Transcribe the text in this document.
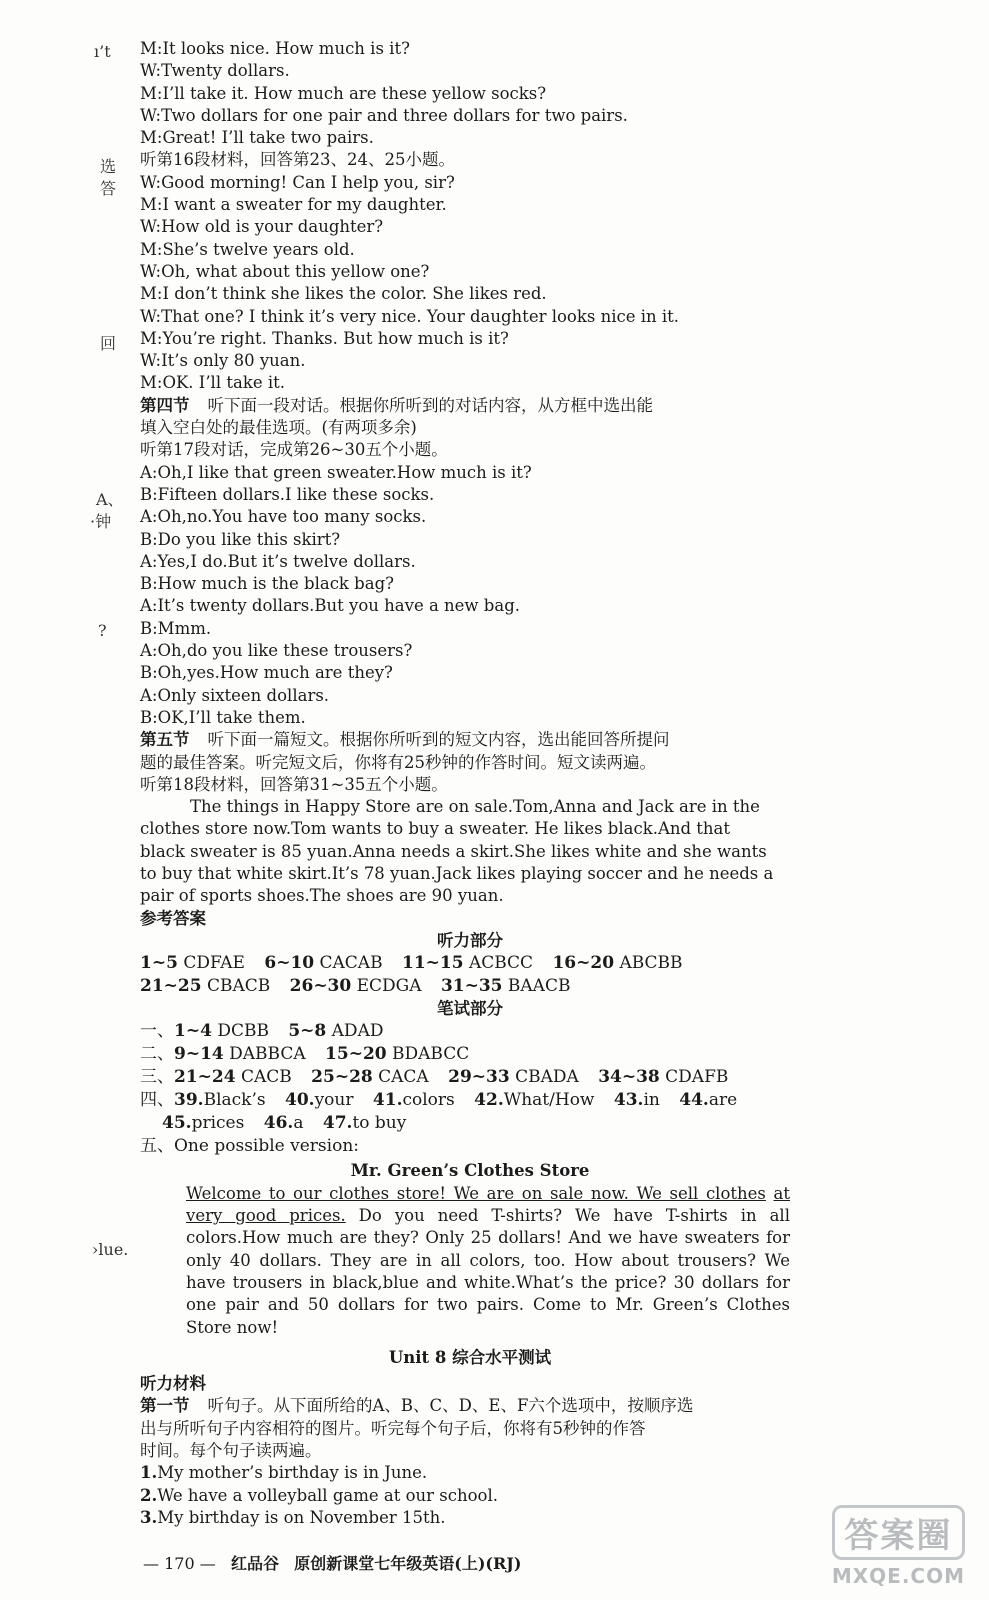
ı’t
选
答
回
A、
·钟
?
›lue.
M:It looks nice. How much is it?
W:Twenty dollars.
M:I’ll take it. How much are these yellow socks?
W:Two dollars for one pair and three dollars for two pairs.
M:Great! I’ll take two pairs.
听第16段材料，回答第23、24、25小题。
W:Good morning! Can I help you, sir?
M:I want a sweater for my daughter.
W:How old is your daughter?
M:She’s twelve years old.
W:Oh, what about this yellow one?
M:I don’t think she likes the color. She likes red.
W:That one? I think it’s very nice. Your daughter looks nice in it.
M:You’re right. Thanks. But how much is it?
W:It’s only 80 yuan.
M:OK. I’ll take it.
第四节 听下面一段对话。根据你所听到的对话内容，从方框中选出能
填入空白处的最佳选项。(有两项多余)
听第17段对话，完成第26~30五个小题。
A:Oh,I like that green sweater.How much is it?
B:Fifteen dollars.I like these socks.
A:Oh,no.You have too many socks.
B:Do you like this skirt?
A:Yes,I do.But it’s twelve dollars.
B:How much is the black bag?
A:It’s twenty dollars.But you have a new bag.
B:Mmm.
A:Oh,do you like these trousers?
B:Oh,yes.How much are they?
A:Only sixteen dollars.
B:OK,I’ll take them.
第五节 听下面一篇短文。根据你所听到的短文内容，选出能回答所提问
题的最佳答案。听完短文后，你将有25秒钟的作答时间。短文读两遍。
听第18段材料，回答第31~35五个小题。
The things in Happy Store are on sale.Tom,Anna and Jack are in the
clothes store now.Tom wants to buy a sweater. He likes black.And that
black sweater is 85 yuan.Anna needs a skirt.She likes white and she wants
to buy that white skirt.It’s 78 yuan.Jack likes playing soccer and he needs a
pair of sports shoes.The shoes are 90 yuan.
参考答案
听力部分
1~5 CDFAE 6~10 CACAB 11~15 ACBCC 16~20 ABCBB
21~25 CBACB 26~30 ECDGA 31~35 BAACB
笔试部分
一、1~4 DCBB 5~8 ADAD
二、9~14 DABBCA 15~20 BDABCC
三、21~24 CACB 25~28 CACA 29~33 CBADA 34~38 CDAFB
四、39.Black’s 40.your 41.colors 42.What/How 43.in 44.are
45.prices 46.a 47.to buy
五、One possible version:
Mr. Green’s Clothes Store
Welcome to our clothes store! We are on sale now. We sell clothes at very good prices. Do you need T-shirts? We have T-shirts in all colors.How much are they? Only 25 dollars! And we have sweaters for only 40 dollars. They are in all colors, too. How about trousers? We have trousers in black,blue and white.What’s the price? 30 dollars for one pair and 50 dollars for two pairs. Come to Mr. Green’s Clothes Store now!
Unit 8 综合水平测试
听力材料
第一节 听句子。从下面所给的A、B、C、D、E、F六个选项中，按顺序选
出与所听句子内容相符的图片。听完每个句子后，你将有5秒钟的作答
时间。每个句子读两遍。
1.My mother’s birthday is in June.
2.We have a volleyball game at our school.
3.My birthday is on November 15th.
— 170 — 红品谷 原创新课堂七年级英语(上)(RJ)
答案圈
MXQE.COM
